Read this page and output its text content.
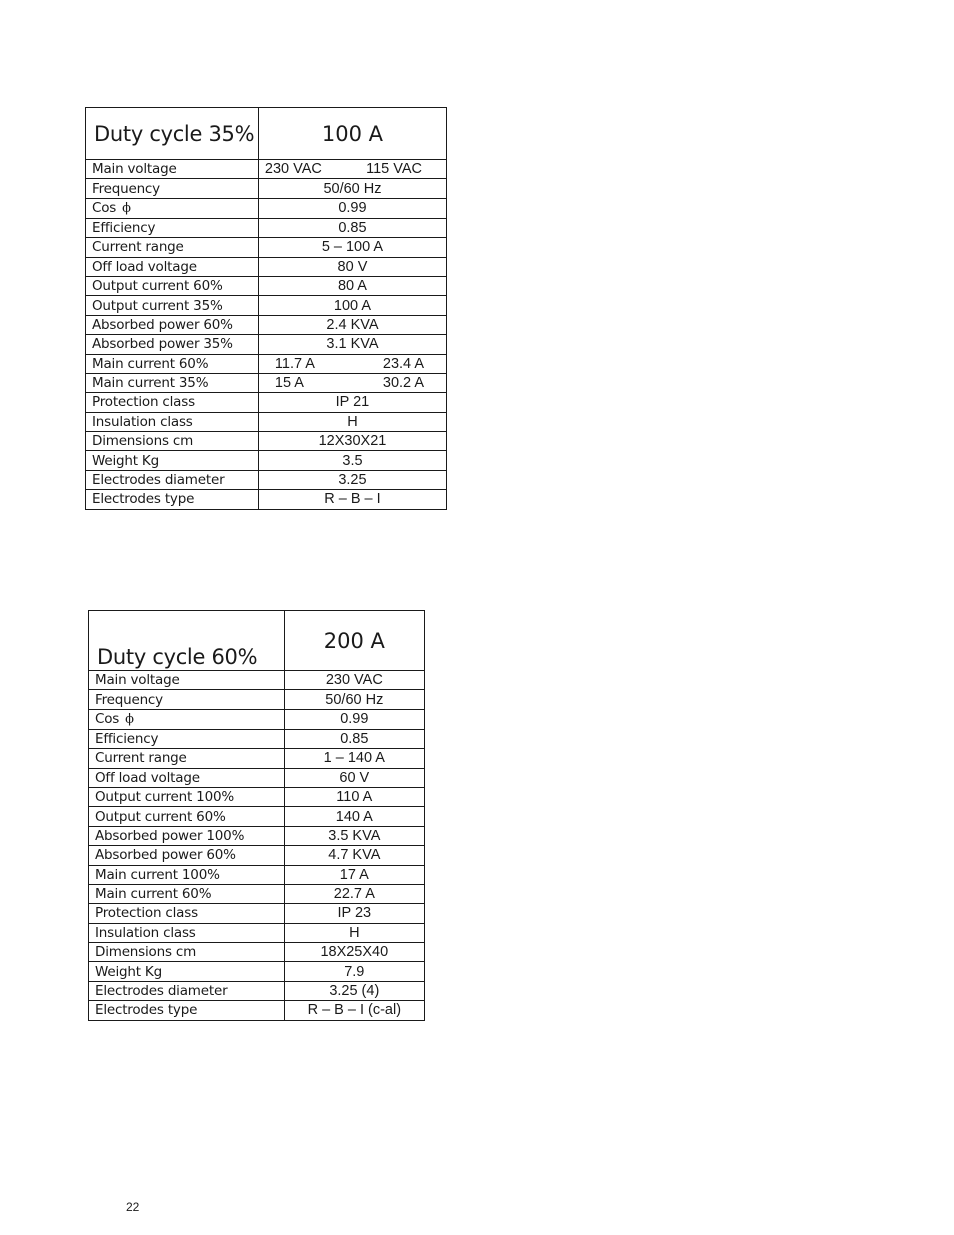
Duty cycle 35%	100 A
Main voltage	230 VAC 115 VAC

Frequency	50/60 Hz
Cos ϕ	0.99
Efficiency	0.85
Current range	5 – 100 A
Off load voltage	80 V
Output current 60%	80 A
Output current 35%	100 A
Absorbed power 60%	2.4 KVA
Absorbed power 35%	3.1 KVA
Main current 60%	11.7 A 23.4 A

Main current 35%	15 A 30.2 A

Protection class	IP 21
Insulation class	H
Dimensions cm	12X30X21
Weight Kg	3.5
Electrodes diameter	3.25
Electrodes type	R – B – I
Duty cycle 60%	200 A
Main voltage	230 VAC
Frequency	50/60 Hz
Cos ϕ	0.99
Efficiency	0.85
Current range	1 – 140 A
Off load voltage	60 V
Output current 100%	110 A
Output current 60%	140 A
Absorbed power 100%	3.5 KVA
Absorbed power 60%	4.7 KVA
Main current 100%	17 A
Main current 60%	22.7 A
Protection class	IP 23
Insulation class	H
Dimensions cm	18X25X40
Weight Kg	7.9
Electrodes diameter	3.25 (4)
Electrodes type	R – B – I (c-al)
22
